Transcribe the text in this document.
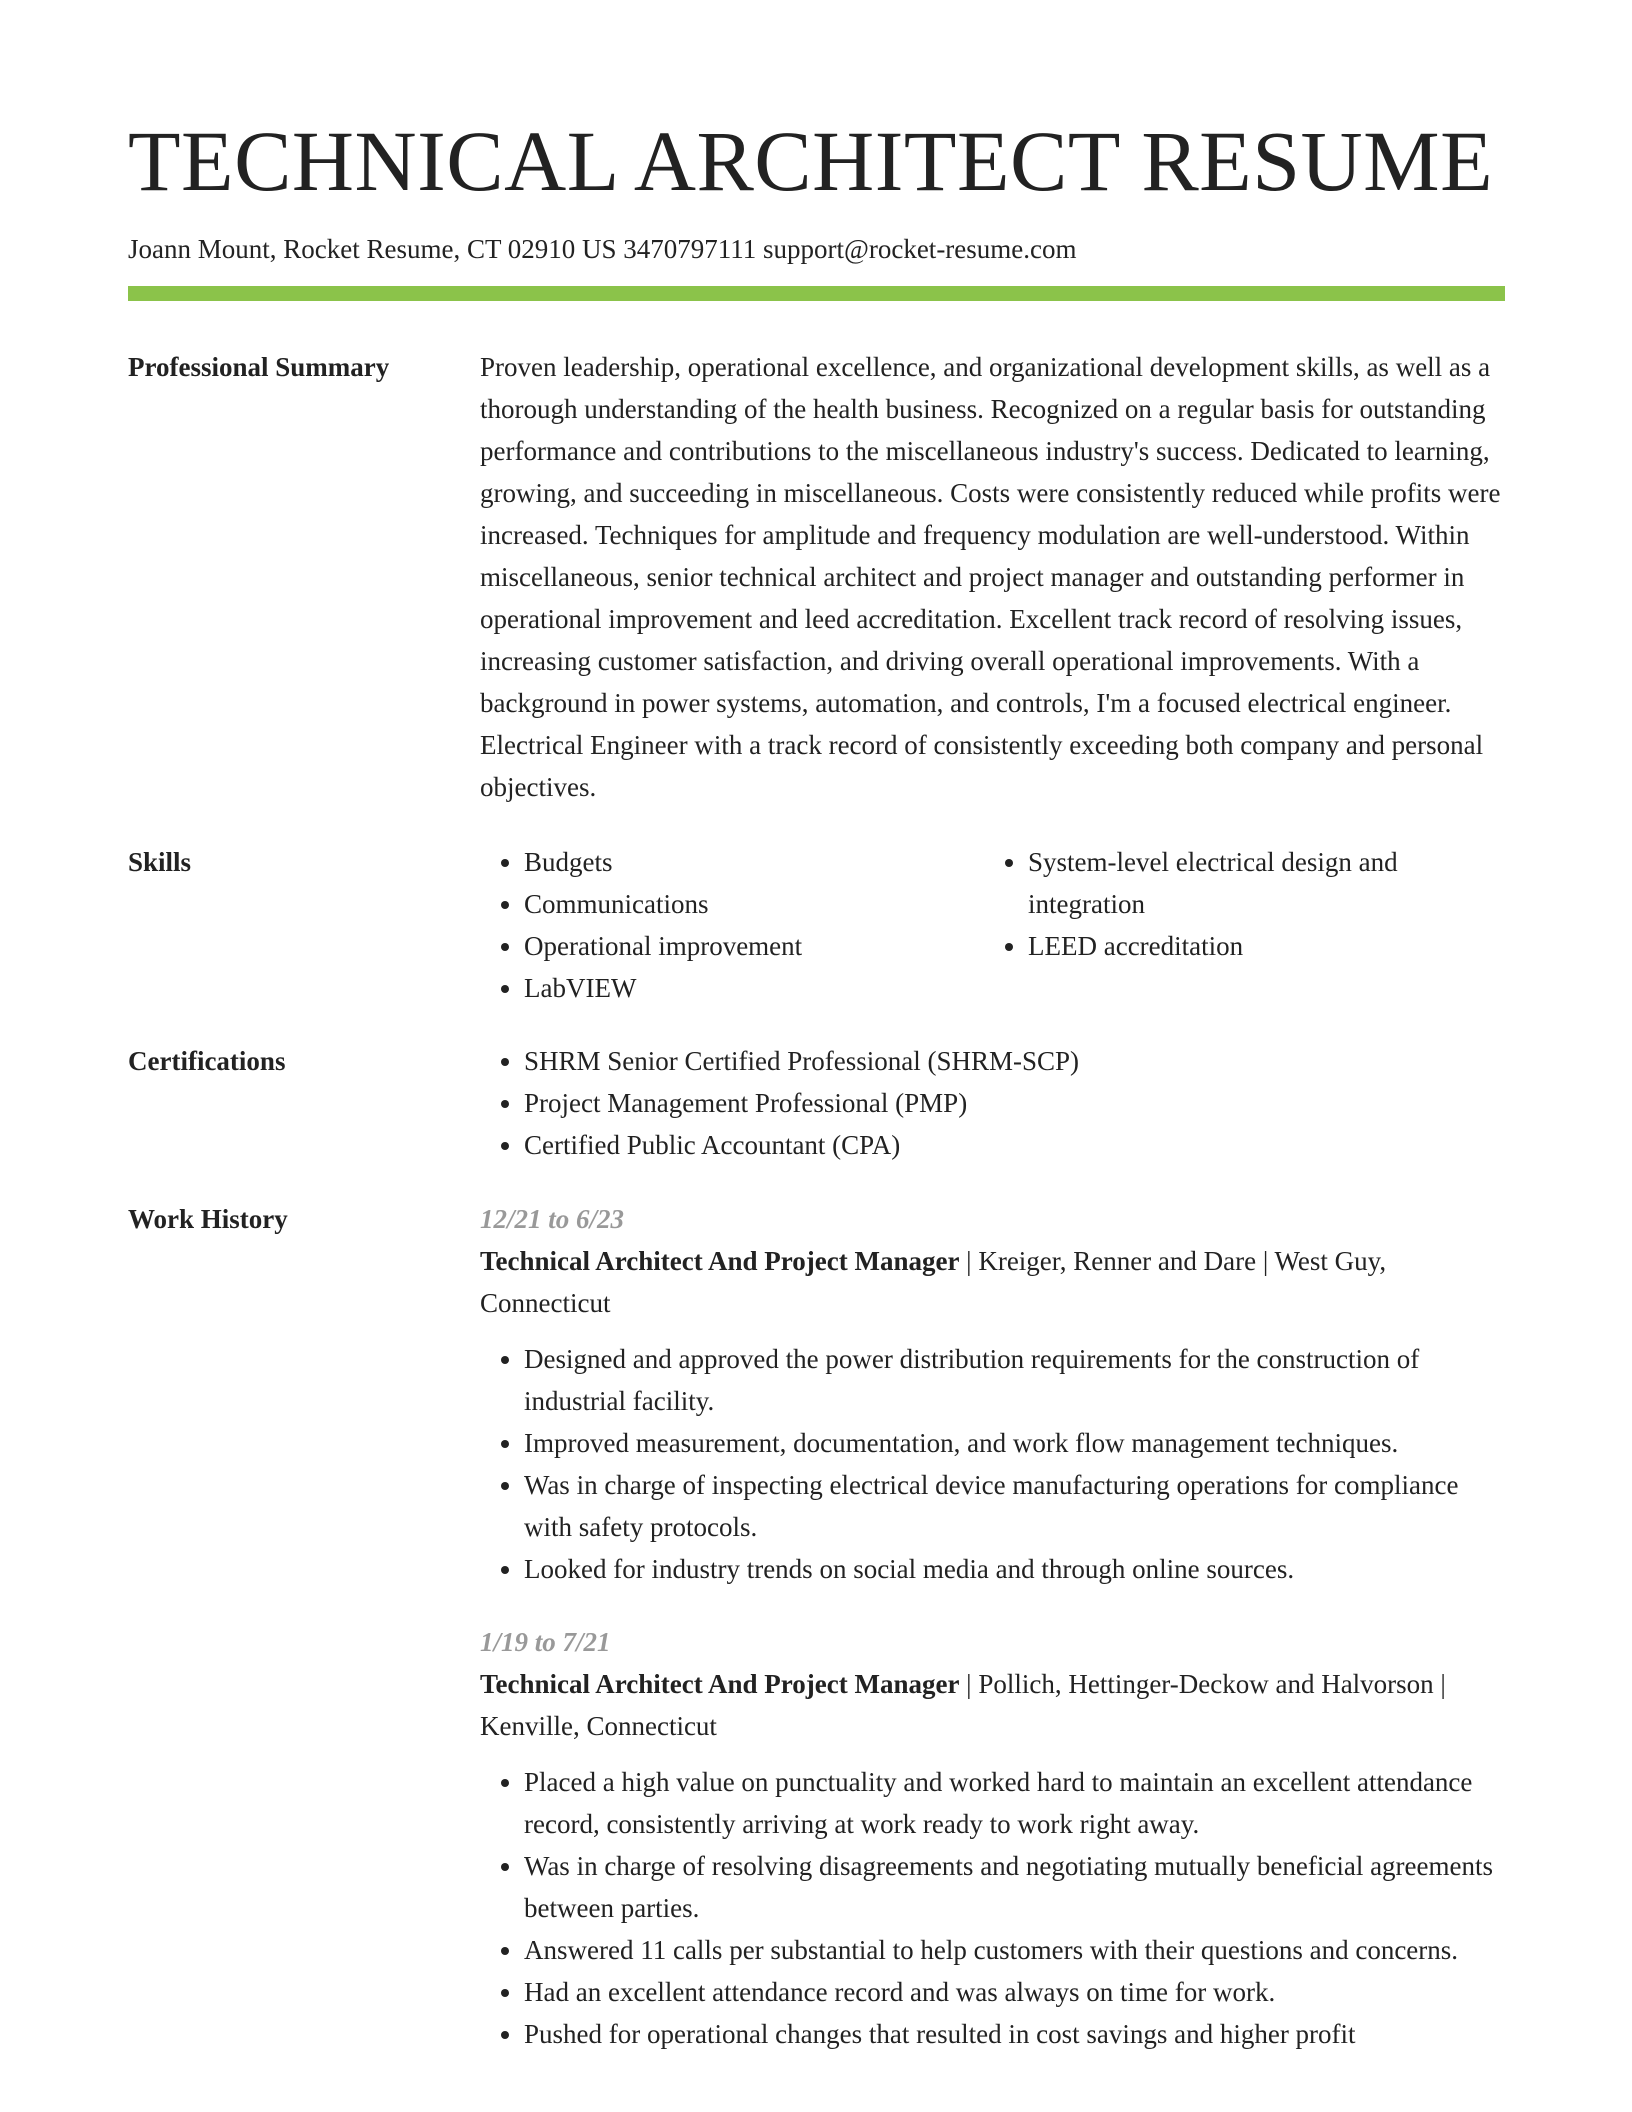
TECHNICAL ARCHITECT RESUME
Joann Mount, Rocket Resume, CT 02910 US 3470797111 support@rocket-resume.com
Professional Summary	Proven leadership, operational excellence, and organizational development skills, as well as a thorough understanding of the health business. Recognized on a regular basis for outstanding performance and contributions to the miscellaneous industry's success. Dedicated to learning, growing, and succeeding in miscellaneous. Costs were consistently reduced while profits were increased. Techniques for amplitude and frequency modulation are well-understood. Within miscellaneous, senior technical architect and project manager and outstanding performer in operational improvement and leed accreditation. Excellent track record of resolving issues, increasing customer satisfaction, and driving overall operational improvements. With a background in power systems, automation, and controls, I'm a focused electrical engineer. Electrical Engineer with a track record of consistently exceeding both company and personal objectives.

Skills	• Budgets
• Communications
• Operational improvement
• LabVIEW
• System-level electrical design and integration
• LEED accreditation
Certifications	• SHRM Senior Certified Professional (SHRM-SCP)
• Project Management Professional (PMP)
• Certified Public Accountant (CPA)
Work History	12/21 to 6/23
Technical Architect And Project Manager | Kreiger, Renner and Dare | West Guy, Connecticut
• Designed and approved the power distribution requirements for the construction of industrial facility.
• Improved measurement, documentation, and work flow management techniques.
• Was in charge of inspecting electrical device manufacturing operations for compliance with safety protocols.
• Looked for industry trends on social media and through online sources.
1/19 to 7/21
Technical Architect And Project Manager | Pollich, Hettinger-Deckow and Halvorson | Kenville, Connecticut
• Placed a high value on punctuality and worked hard to maintain an excellent attendance record, consistently arriving at work ready to work right away.
• Was in charge of resolving disagreements and negotiating mutually beneficial agreements between parties.
• Answered 11 calls per substantial to help customers with their questions and concerns.
• Had an excellent attendance record and was always on time for work.
• Pushed for operational changes that resulted in cost savings and higher profit
